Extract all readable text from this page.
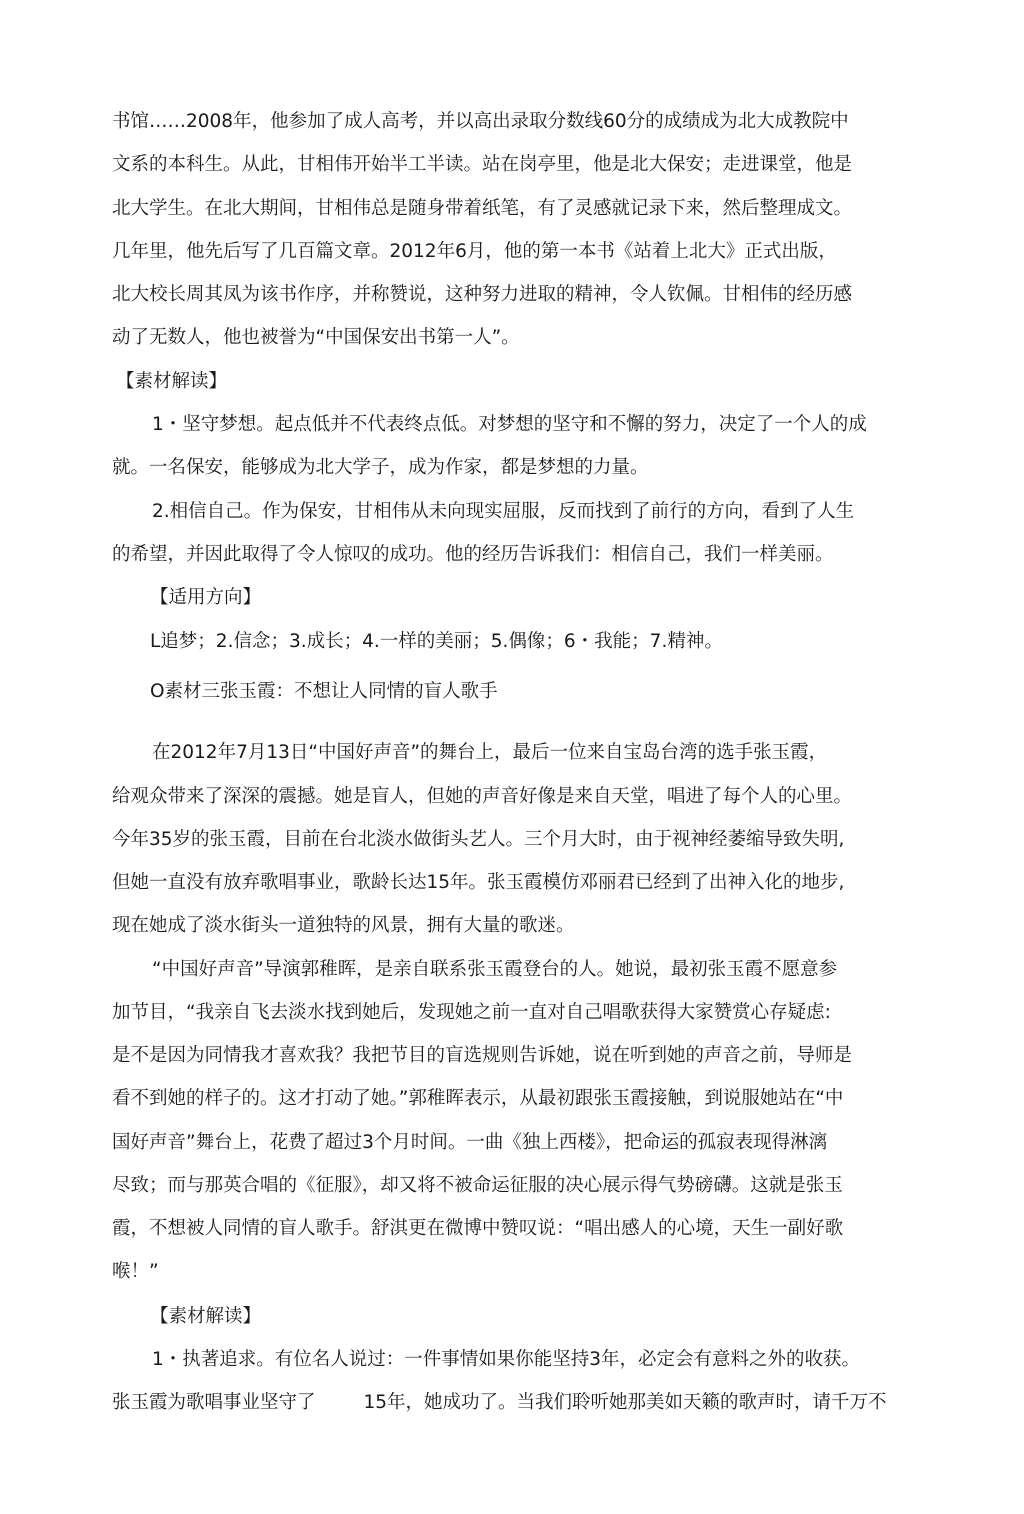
书馆……2008年，他参加了成人高考，并以高出录取分数线60分的成绩成为北大成教院中
文系的本科生。从此，甘相伟开始半工半读。站在岗亭里，他是北大保安；走进课堂，他是
北大学生。在北大期间，甘相伟总是随身带着纸笔，有了灵感就记录下来，然后整理成文。
几年里，他先后写了几百篇文章。2012年6月，他的第一本书《站着上北大》正式出版，
北大校长周其凤为该书作序，并称赞说，这种努力进取的精神，令人钦佩。甘相伟的经历感
动了无数人，他也被誉为“中国保安出书第一人”。
【素材解读】
1・坚守梦想。起点低并不代表终点低。对梦想的坚守和不懈的努力，决定了一个人的成
就。一名保安，能够成为北大学子，成为作家，都是梦想的力量。
2.相信自己。作为保安，甘相伟从未向现实屈服，反而找到了前行的方向，看到了人生
的希望，并因此取得了令人惊叹的成功。他的经历告诉我们：相信自己，我们一样美丽。
【适用方向】
L追梦；2.信念；3.成长；4.一样的美丽；5.偶像；6・我能；7.精神。
O素材三张玉霞：不想让人同情的盲人歌手
在2012年7月13日“中国好声音”的舞台上，最后一位来自宝岛台湾的选手张玉霞，
给观众带来了深深的震撼。她是盲人，但她的声音好像是来自天堂，唱进了每个人的心里。
今年35岁的张玉霞，目前在台北淡水做街头艺人。三个月大时，由于视神经萎缩导致失明,
但她一直没有放弃歌唱事业，歌龄长达15年。张玉霞模仿邓丽君已经到了出神入化的地步,
现在她成了淡水街头一道独特的风景，拥有大量的歌迷。
“中国好声音”导演郭稚晖，是亲自联系张玉霞登台的人。她说，最初张玉霞不愿意参
加节目，“我亲自飞去淡水找到她后，发现她之前一直对自己唱歌获得大家赞赏心存疑虑:
是不是因为同情我才喜欢我？我把节目的盲选规则告诉她，说在听到她的声音之前，导师是
看不到她的样子的。这才打动了她。”郭稚晖表示，从最初跟张玉霞接触，到说服她站在“中
国好声音”舞台上，花费了超过3个月时间。一曲《独上西楼》，把命运的孤寂表现得淋漓
尽致；而与那英合唱的《征服》，却又将不被命运征服的决心展示得气势磅礴。这就是张玉
霞，不想被人同情的盲人歌手。舒淇更在微博中赞叹说：“唱出感人的心境，天生一副好歌
喉！”
【素材解读】
1・执著追求。有位名人说过：一件事情如果你能坚持3年，必定会有意料之外的收获。
张玉霞为歌唱事业坚守了	15年，她成功了。当我们聆听她那美如天籁的歌声时，请千万不
